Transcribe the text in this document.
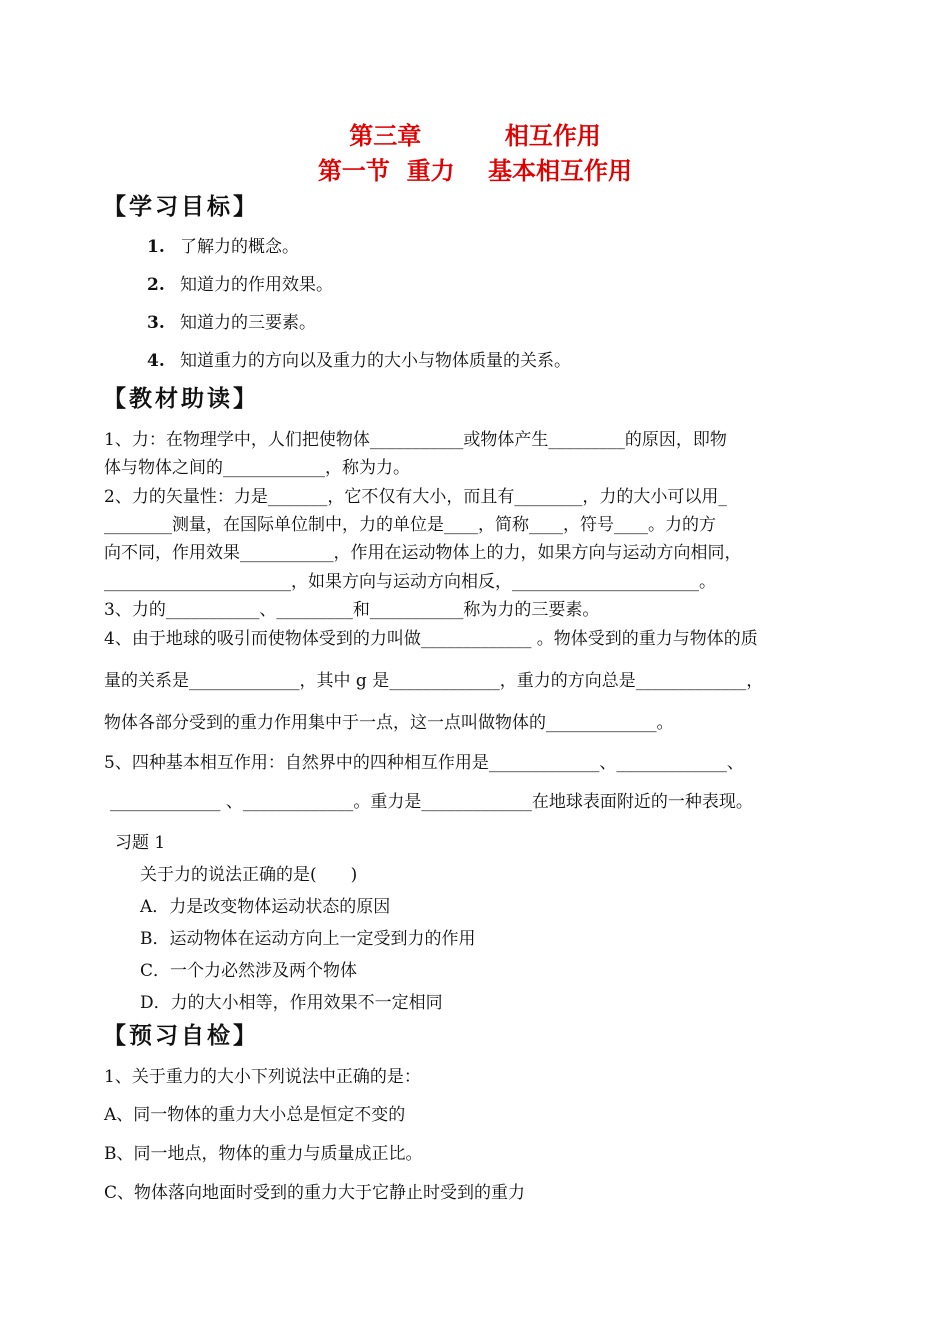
第三章          相互作用
第一节  重力    基本相互作用
【学习目标】
1. 了解力的概念。
2. 知道力的作用效果。
3. 知道力的三要素。
4. 知道重力的方向以及重力的大小与物体质量的关系。
【教材助读】
1、力：在物理学中，人们把使物体___________或物体产生_________的原因，即物
体与物体之间的____________，称为力。
2、力的矢量性：力是_______，它不仅有大小，而且有________，力的大小可以用_
________测量，在国际单位制中，力的单位是____，简称____，符号____。力的方
向不同，作用效果___________，作用在运动物体上的力，如果方向与运动方向相同，
______________________，如果方向与运动方向相反，______________________。
3、力的___________、_________和___________称为力的三要素。
4、由于地球的吸引而使物体受到的力叫做_____________ 。物体受到的重力与物体的质
量的关系是_____________，其中 g 是_____________，重力的方向总是_____________，
物体各部分受到的重力作用集中于一点，这一点叫做物体的_____________。
5、四种基本相互作用：自然界中的四种相互作用是_____________、_____________、
_____________ 、_____________。重力是_____________在地球表面附近的一种表现。
习题 1
关于力的说法正确的是(　　)
A．力是改变物体运动状态的原因
B．运动物体在运动方向上一定受到力的作用
C．一个力必然涉及两个物体
D．力的大小相等，作用效果不一定相同
【预习自检】
1、关于重力的大小下列说法中正确的是：
A、同一物体的重力大小总是恒定不变的
B、同一地点，物体的重力与质量成正比。
C、物体落向地面时受到的重力大于它静止时受到的重力
